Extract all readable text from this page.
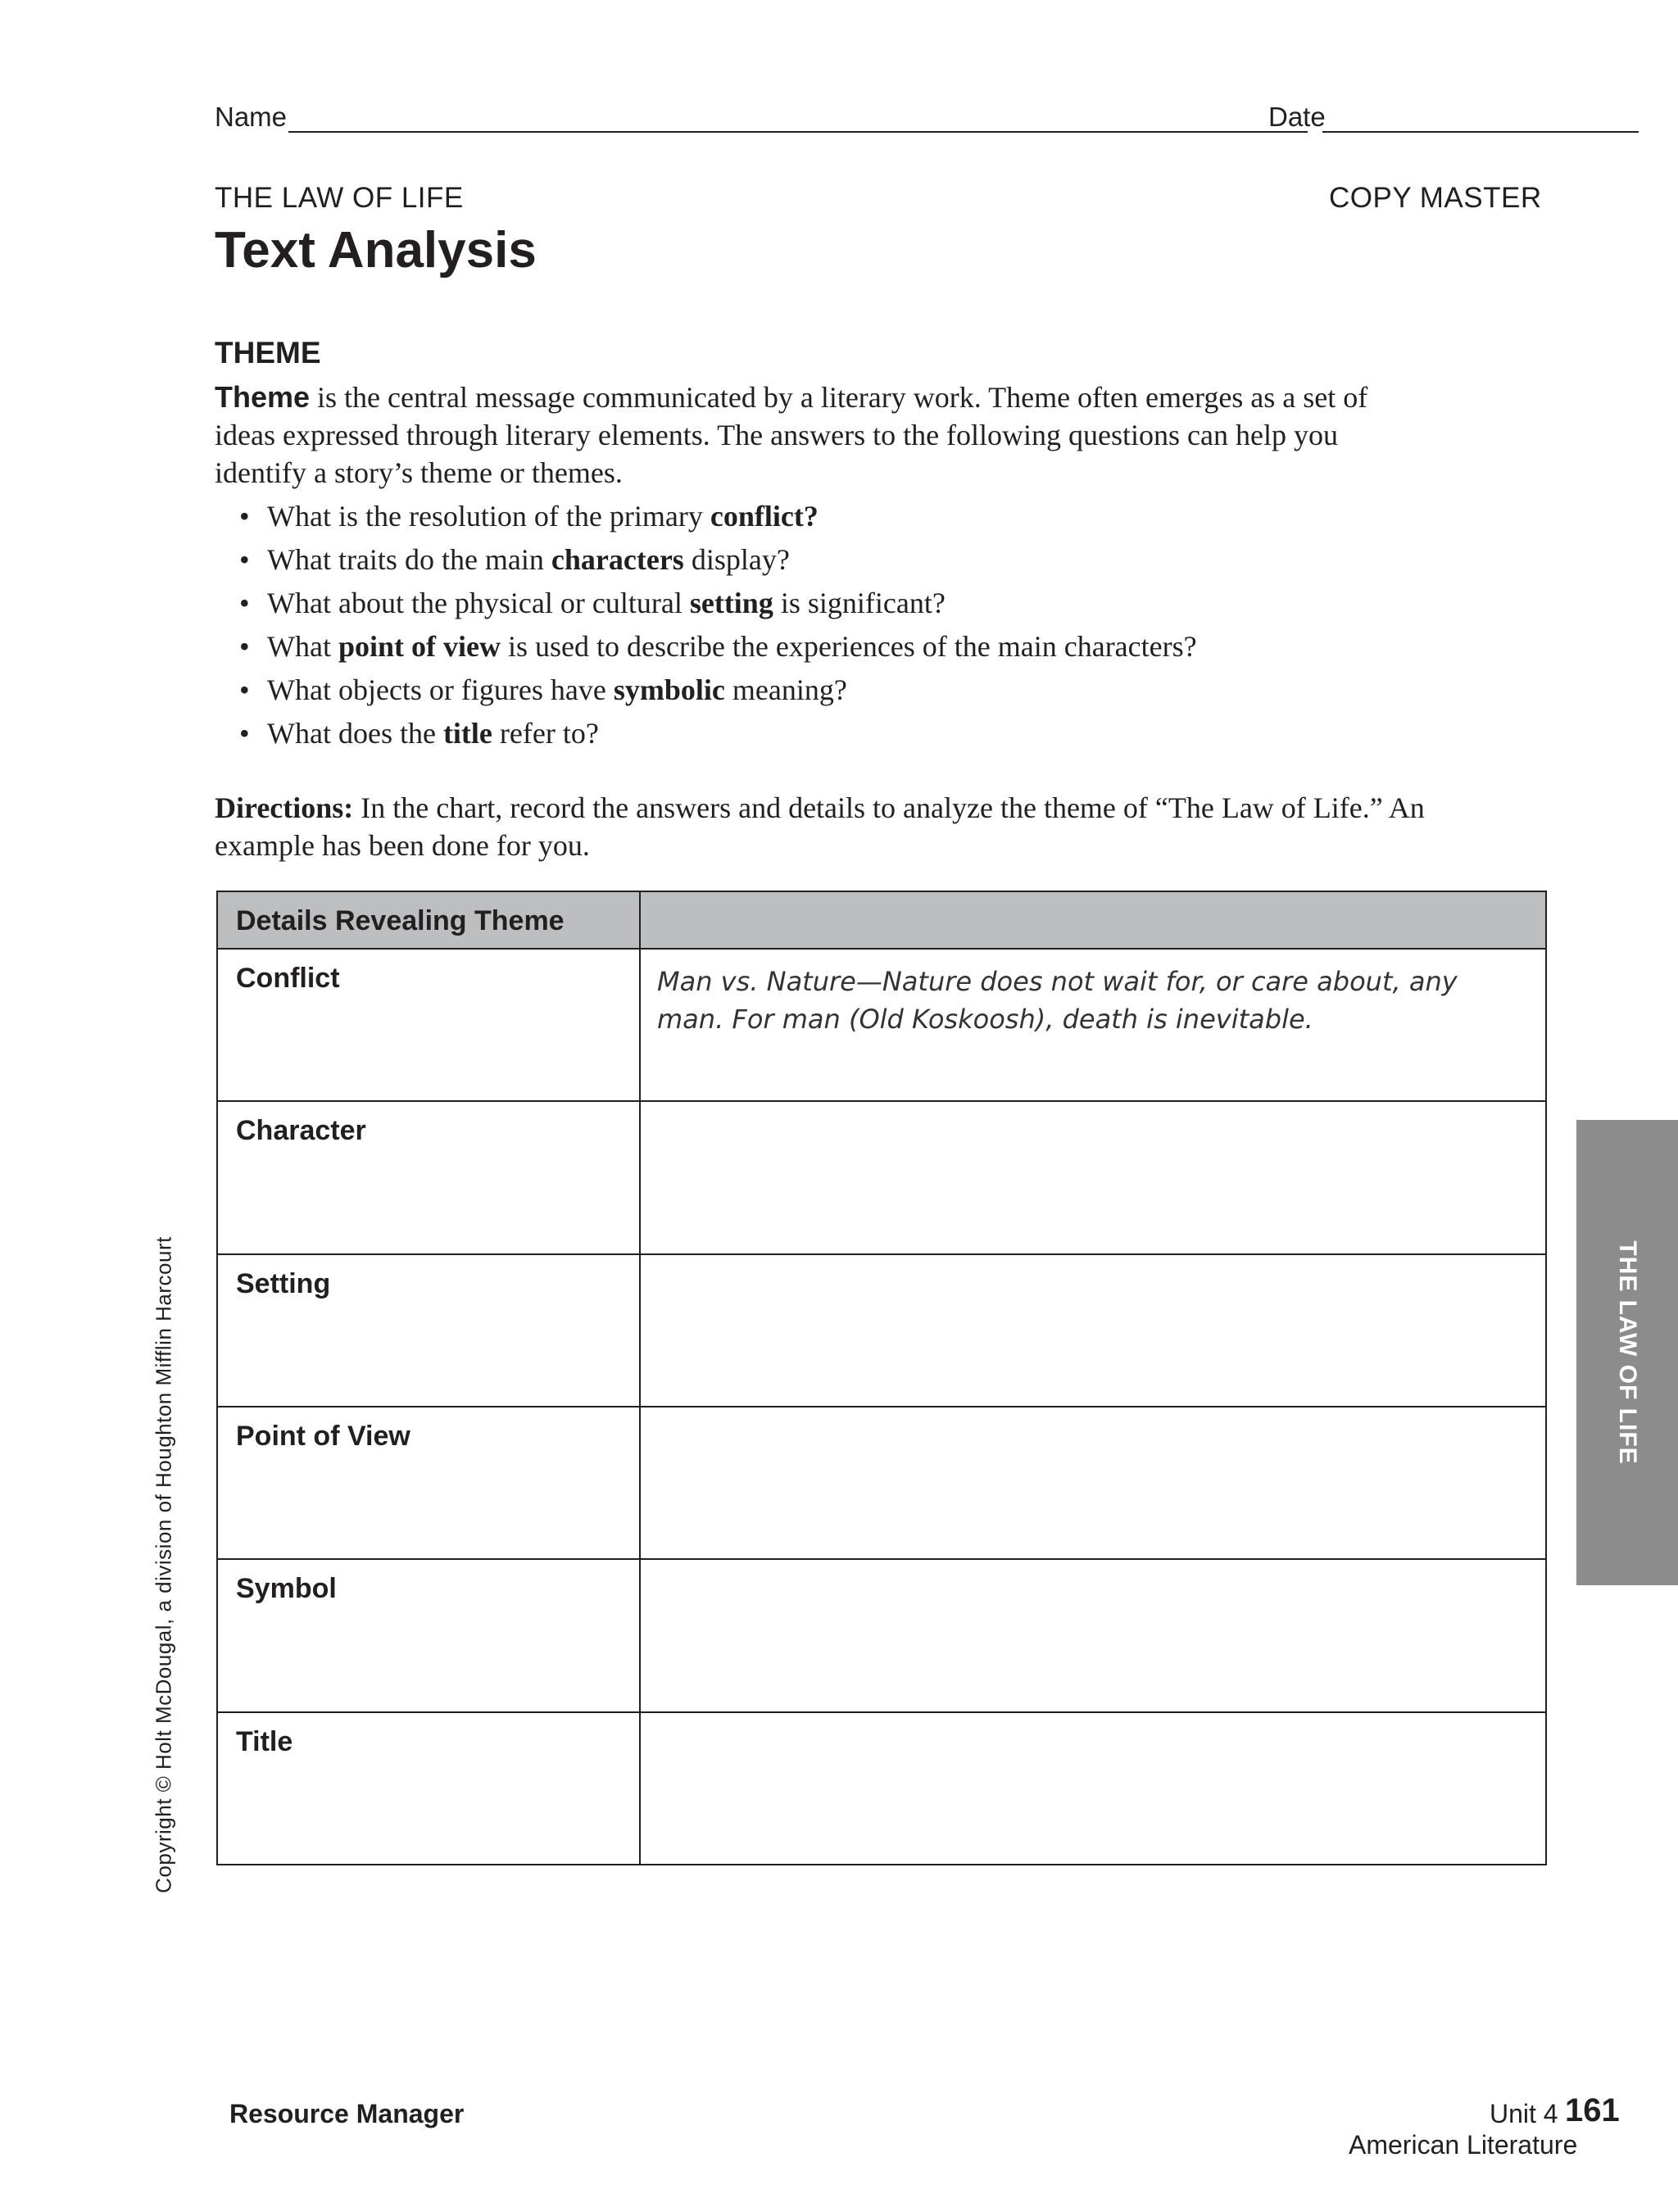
Name	Date
THE LAW OF LIFE	COPY MASTER
Text Analysis
THEME

Theme is the central message communicated by a literary work. Theme often emerges as a set of ideas expressed through literary elements. The answers to the following questions can help you identify a story’s theme or themes.

• What is the resolution of the primary conflict?
• What traits do the main characters display?
• What about the physical or cultural setting is significant?
• What point of view is used to describe the experiences of the main characters?
• What objects or figures have symbolic meaning?
• What does the title refer to?

Directions: In the chart, record the answers and details to analyze the theme of “The Law of Life.” An example has been done for you.

Details Revealing Theme	
Conflict	Man vs. Nature—Nature does not wait for, or care about, any man. For man (Old Koskoosh), death is inevitable.
Character	
Setting	
Point of View	
Symbol	
Title	
THE LAW OF LIFE
Copyright © Holt McDougal, a division of Houghton Mifflin Harcourt
Resource Manager	Unit 4 161
American Literature
